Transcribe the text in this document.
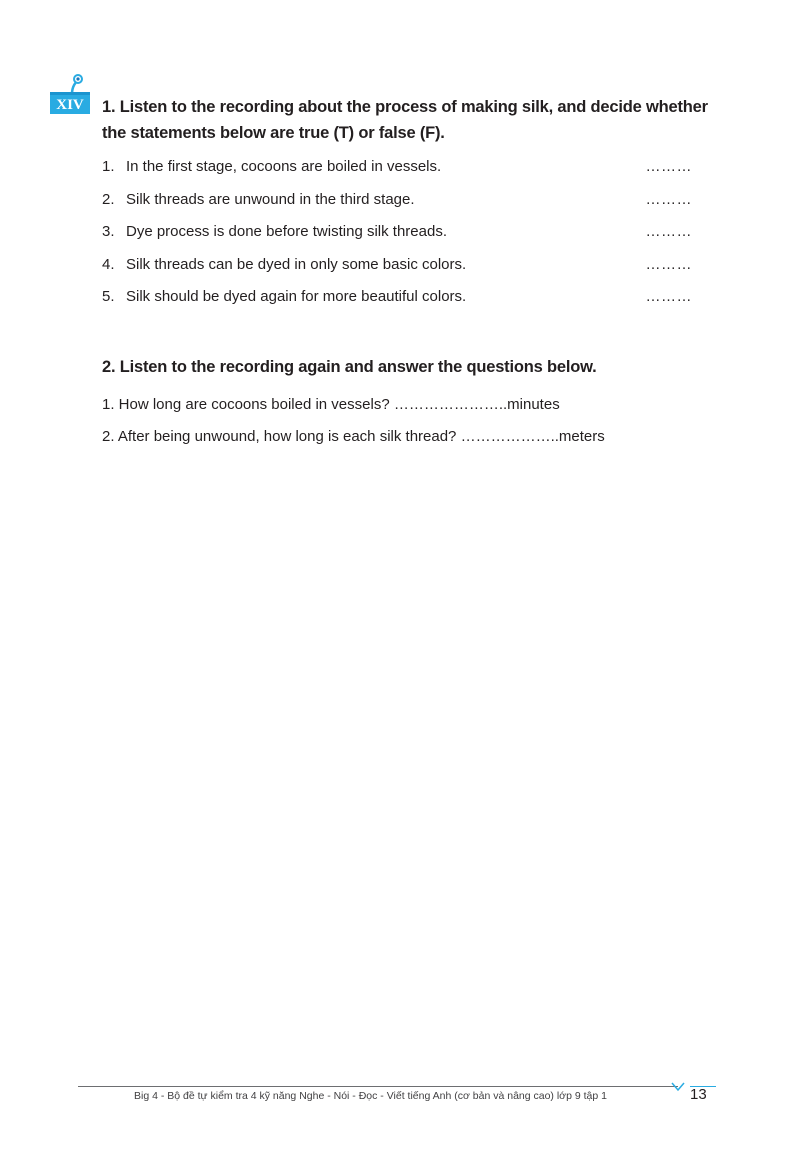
XIV 1. Listen to the recording about the process of making silk, and decide whether the statements below are true (T) or false (F).
1. In the first stage, cocoons are boiled in vessels.	………
2. Silk threads are unwound in the third stage.	………
3. Dye process is done before twisting silk threads.	………
4. Silk threads can be dyed in only some basic colors.	………
5. Silk should be dyed again for more beautiful colors.	………
2. Listen to the recording again and answer the questions below.
1. How long are cocoons boiled in vessels? …………………..minutes
2. After being unwound, how long is each silk thread? ………………..meters
Big 4 - Bộ đề tự kiểm tra 4 kỹ năng Nghe - Nói - Đọc - Viết tiếng Anh (cơ bản và nâng cao) lớp 9 tập 1	13
